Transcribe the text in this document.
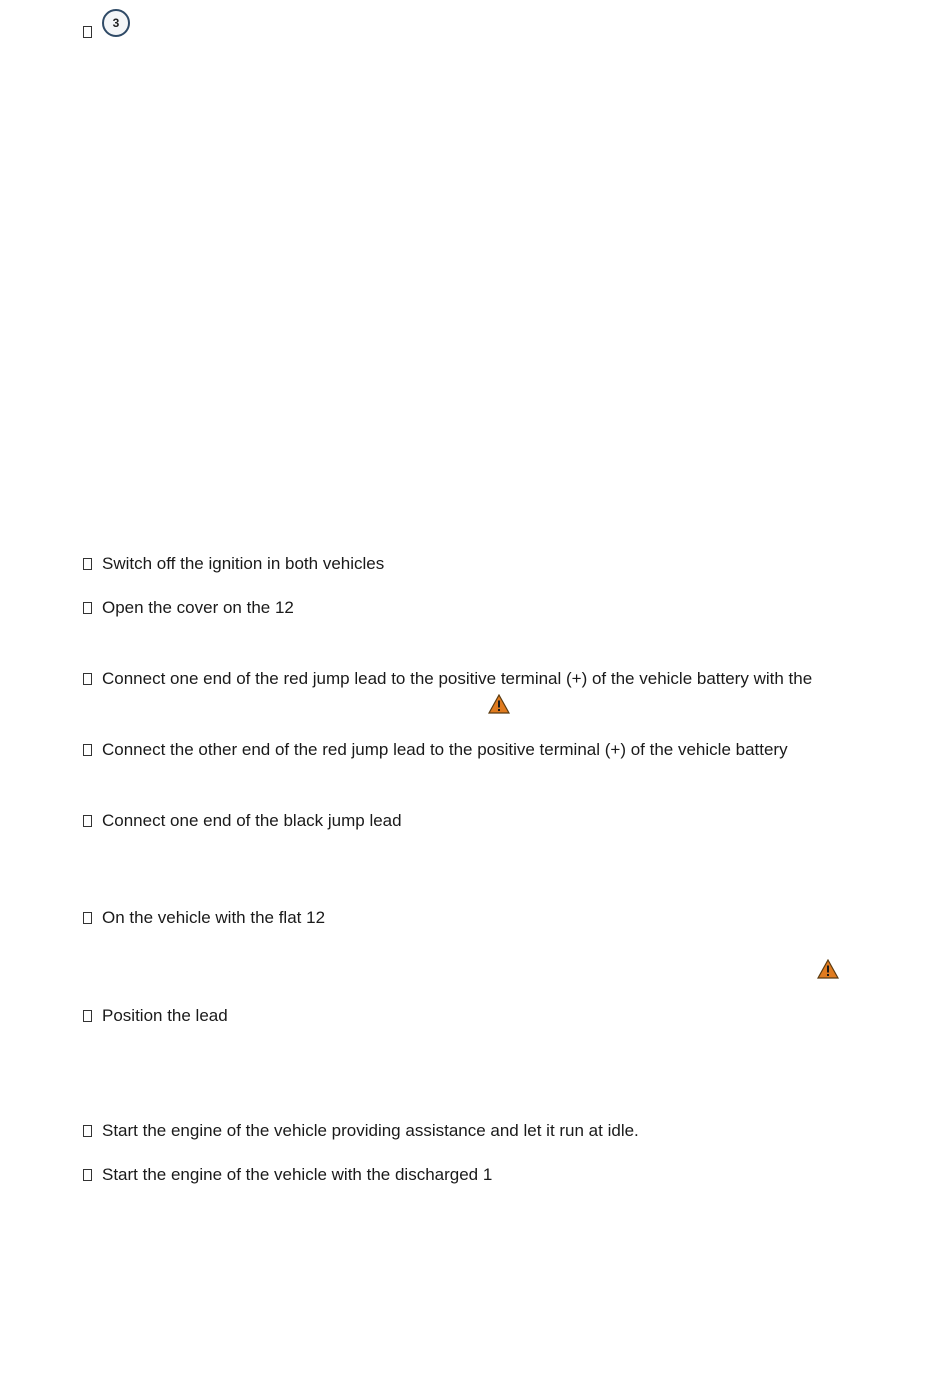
3
Switch off the ignition in both vehicles
Open the cover on the 12
Connect one end of the red jump lead to the positive terminal (+) of the vehicle battery with the
Connect the other end of the red jump lead to the positive terminal (+) of the vehicle battery
Connect one end of the black jump lead
On the vehicle with the flat 12
Position the lead
Start the engine of the vehicle providing assistance and let it run at idle.
Start the engine of the vehicle with the discharged 1
